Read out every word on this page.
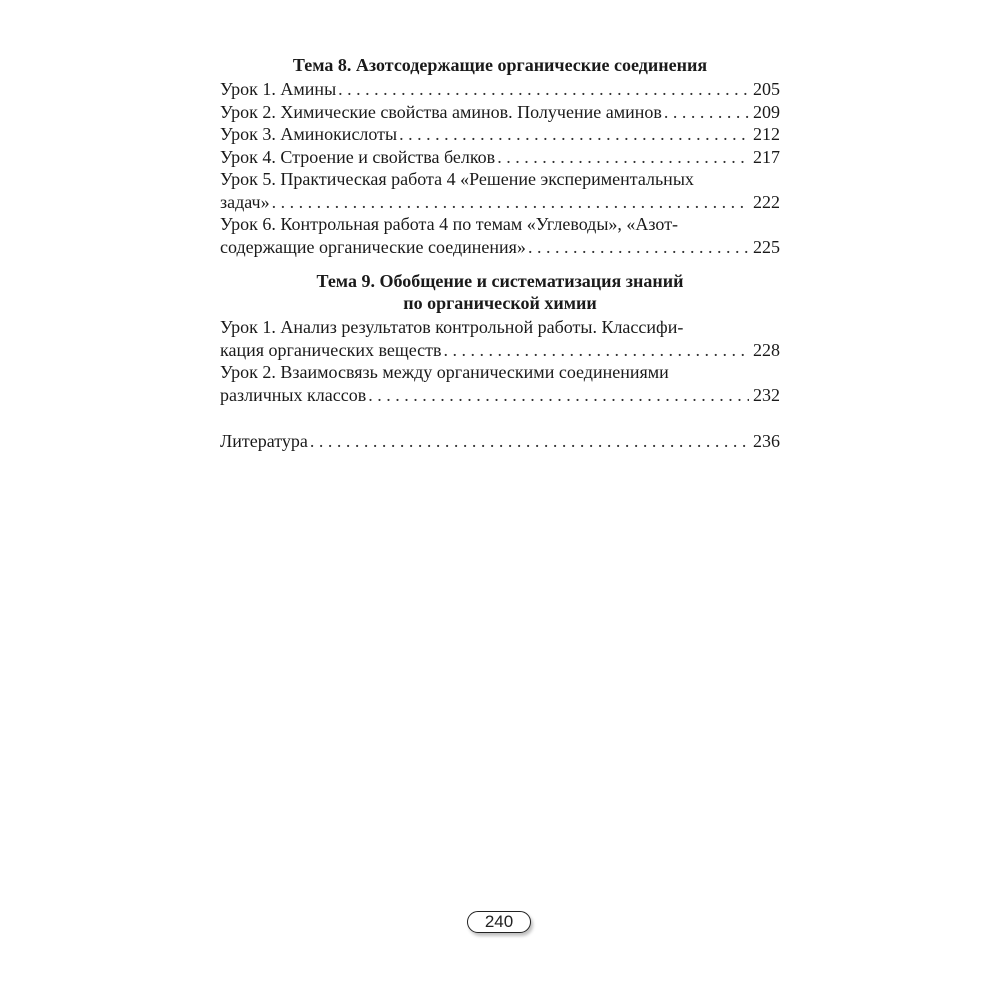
Тема 8. Азотсодержащие органические соединения
Урок 1. Амины . . .	205
Урок 2. Химические свойства аминов. Получение аминов . . .	209
Урок 3. Аминокислоты . . .	212
Урок 4. Строение и свойства белков . . .	217
Урок 5. Практическая работа 4 «Решение экспериментальных
задач» . . .	222
Урок 6. Контрольная работа 4 по темам «Углеводы», «Азот-
содержащие органические соединения» . . .	225
Тема 9. Обобщение и систематизация знаний
по органической химии
Урок 1. Анализ результатов контрольной работы. Классифи-
кация органических веществ . . .	228
Урок 2. Взаимосвязь между органическими соединениями
различных классов . . .	232
Литература . . .	236
240
